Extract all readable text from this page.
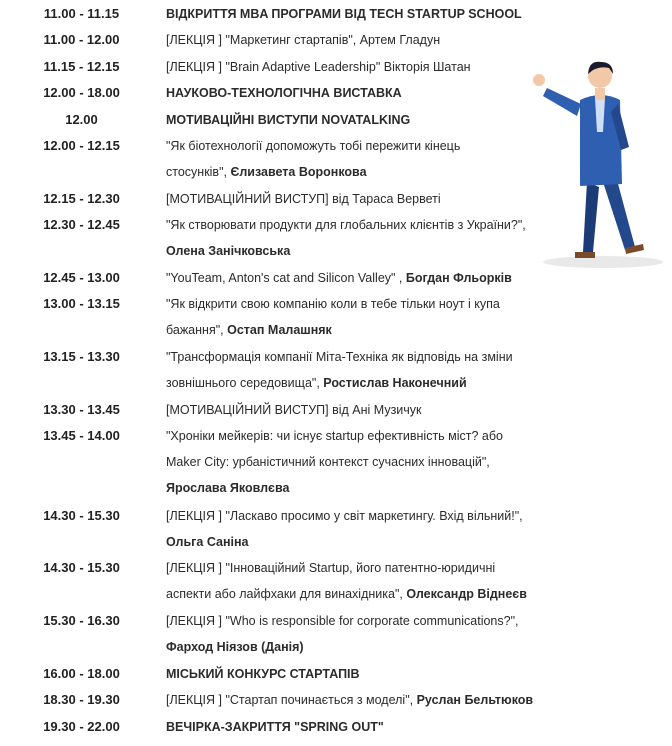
11.00 - 11.15	ВІДКРИТТЯ MBA ПРОГРАМИ ВІД TECH STARTUP SCHOOL
11.00 - 12.00	[ЛЕКЦІЯ ] "Маркетинг стартапів", Артем Гладун
11.15 - 12.15	[ЛЕКЦІЯ ] "Brain Adaptive Leadership" Вікторія Шатан
12.00 - 18.00	НАУКОВО-ТЕХНОЛОГІЧНА ВИСТАВКА
12.00	МОТИВАЦІЙНІ ВИСТУПИ NOVATALKING
12.00 - 12.15	"Як біотехнології допоможуть тобі пережити кінець
стосунків", Єлизавета Воронкова
12.15 - 12.30	[МОТИВАЦІЙНИЙ ВИСТУП] від Тараса Верветі
12.30 - 12.45	"Як створювати продукти для глобальних клієнтів з України?",
Олена Занічковська
12.45 - 13.00	"YouTeam, Anton's cat and Silicon Valley" , Богдан Фльорків
13.00 - 13.15	"Як відкрити свою компанію коли в тебе тільки ноут і купа
бажання", Остап Малашняк
13.15 - 13.30	"Трансформація компанії Міта-Техніка як відповідь на зміни
зовнішнього середовища", Ростислав Наконечний
13.30 - 13.45	[МОТИВАЦІЙНИЙ ВИСТУП] від Ані Музичук
13.45 - 14.00	"Хроніки мейкерів: чи існує startup ефективність міст? або
Maker City: урбаністичний контекст сучасних інновацій",
Ярослава Яковлєва
14.30 - 15.30	[ЛЕКЦІЯ ] "Ласкаво просимо у світ маркетингу. Вхід вільний!",
Ольга Саніна
14.30 - 15.30	[ЛЕКЦІЯ ] "Інноваційний Startup, його патентно-юридичні
аспекти або лайфхаки для винахідника", Олександр Віднеєв
15.30 - 16.30	[ЛЕКЦІЯ ] "Who is responsible for corporate communications?",
Фарход Ніязов (Данія)
16.00 - 18.00	МІСЬКИЙ КОНКУРС СТАРТАПІВ
18.30 - 19.30	[ЛЕКЦІЯ ] "Стартап починається з моделі", Руслан Бельтюков
19.30 - 22.00	ВЕЧІРКА-ЗАКРИТТЯ "SPRING OUT"
